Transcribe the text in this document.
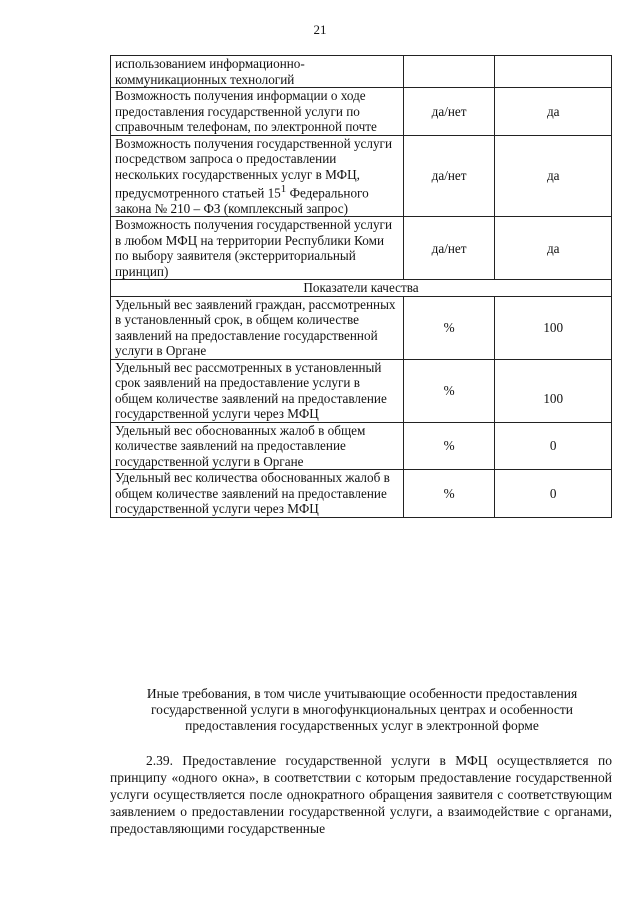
21
использованием информационно-коммуникационных технологий		
Возможность получения информации о ходе предоставления государственной услуги по справочным телефонам, по электронной почте	да/нет	да
Возможность получения государственной услуги посредством запроса о предоставлении нескольких государственных услуг в МФЦ, предусмотренного статьей $15^1$ Федерального закона № 210 – ФЗ (комплексный запрос)	да/нет	да
Возможность получения государственной услуги в любом МФЦ на территории Республики Коми по выбору заявителя (экстерриториальный принцип)	да/нет	да
Показатели качества		
Удельный вес заявлений граждан, рассмотренных в установленный срок, в общем количестве заявлений на предоставление государственной услуги в Органе	%	100
Удельный вес рассмотренных в установленный срок заявлений на предоставление услуги в общем количестве заявлений на предоставление государственной услуги через МФЦ	%	100
Удельный вес обоснованных жалоб в общем количестве заявлений на предоставление государственной услуги в Органе	%	0
Удельный вес количества обоснованных жалоб в общем количестве заявлений на предоставление государственной услуги через МФЦ	%	0
Иные требования, в том числе учитывающие особенности предоставления государственной услуги в многофункциональных центрах и особенности предоставления государственных услуг в электронной форме
2.39. Предоставление государственной услуги в МФЦ осуществляется по принципу «одного окна», в соответствии с которым предоставление государственной услуги осуществляется после однократного обращения заявителя с соответствующим заявлением о предоставлении государственной услуги, а взаимодействие с органами, предоставляющими государственные
